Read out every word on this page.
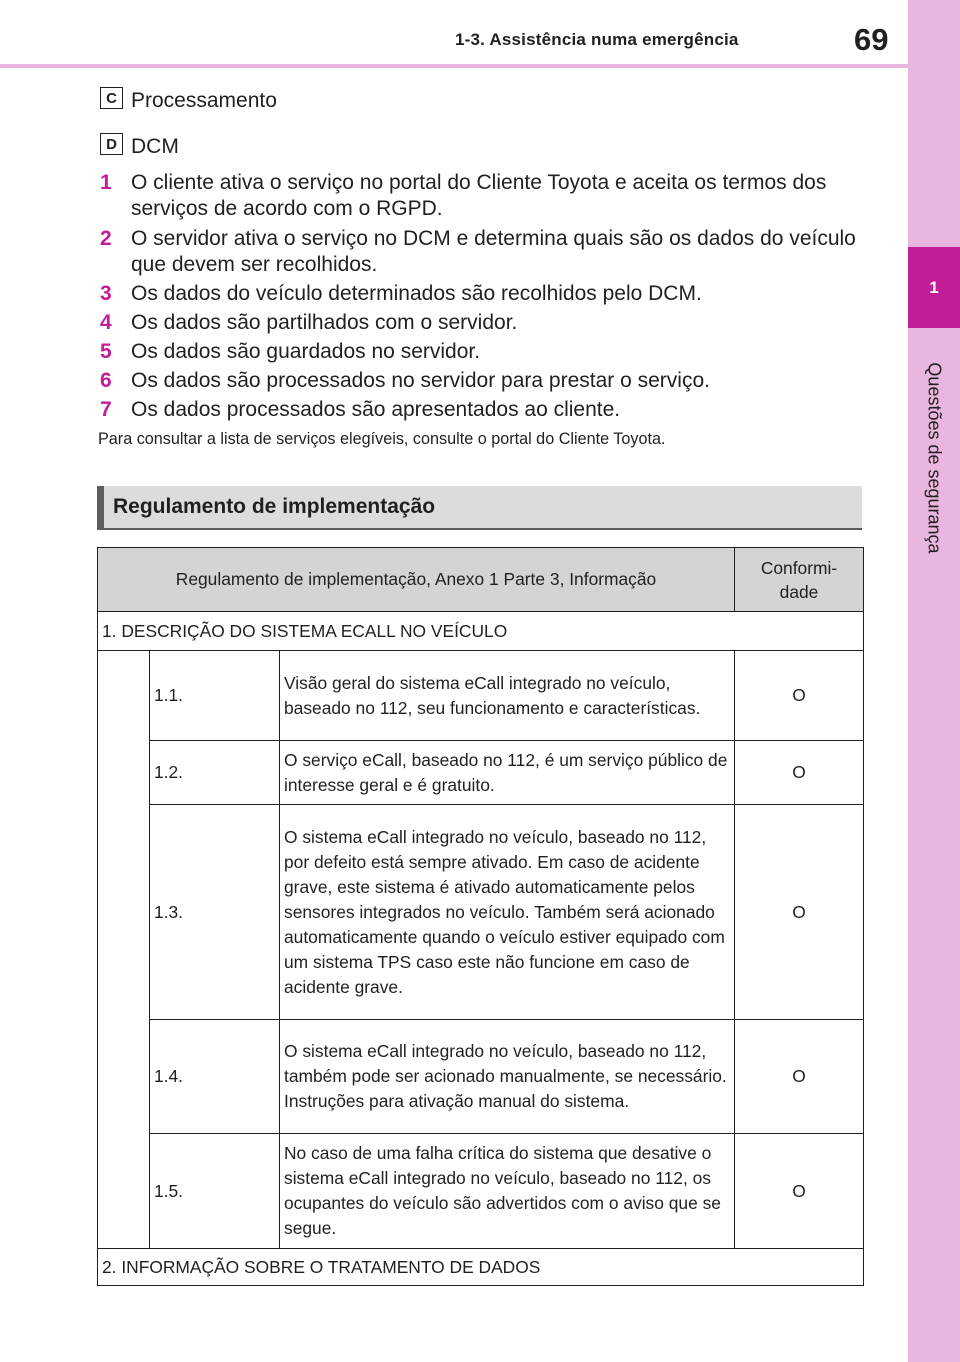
1-3. Assistência numa emergência	69
1
Questões de segurança
C Processamento
D DCM
1 O cliente ativa o serviço no portal do Cliente Toyota e aceita os termos dos serviços de acordo com o RGPD.
2 O servidor ativa o serviço no DCM e determina quais são os dados do veículo que devem ser recolhidos.
3 Os dados do veículo determinados são recolhidos pelo DCM.
4 Os dados são partilhados com o servidor.
5 Os dados são guardados no servidor.
6 Os dados são processados no servidor para prestar o serviço.
7 Os dados processados são apresentados ao cliente.
Para consultar a lista de serviços elegíveis, consulte o portal do Cliente Toyota.
Regulamento de implementação
Regulamento de implementação, Anexo 1 Parte 3, Informação			Conformi-
dade
1. DESCRIÇÃO DO SISTEMA ECALL NO VEÍCULO			
	1.1.	Visão geral do sistema eCall integrado no veículo, baseado no 112, seu funcionamento e características.	O
	1.2.	O serviço eCall, baseado no 112, é um serviço público de interesse geral e é gratuito.	O
	1.3.	O sistema eCall integrado no veículo, baseado no 112, por defeito está sempre ativado. Em caso de acidente grave, este sistema é ativado automaticamente pelos sensores integrados no veículo. Também será acionado automaticamente quando o veículo estiver equipado com um sistema TPS caso este não funcione em caso de acidente grave.	O
	1.4.	O sistema eCall integrado no veículo, baseado no 112, também pode ser acionado manualmente, se necessário. Instruções para ativação manual do sistema.	O
	1.5.	No caso de uma falha crítica do sistema que desative o sistema eCall integrado no veículo, baseado no 112, os ocupantes do veículo são advertidos com o aviso que se segue.	O
2. INFORMAÇÃO SOBRE O TRATAMENTO DE DADOS			
